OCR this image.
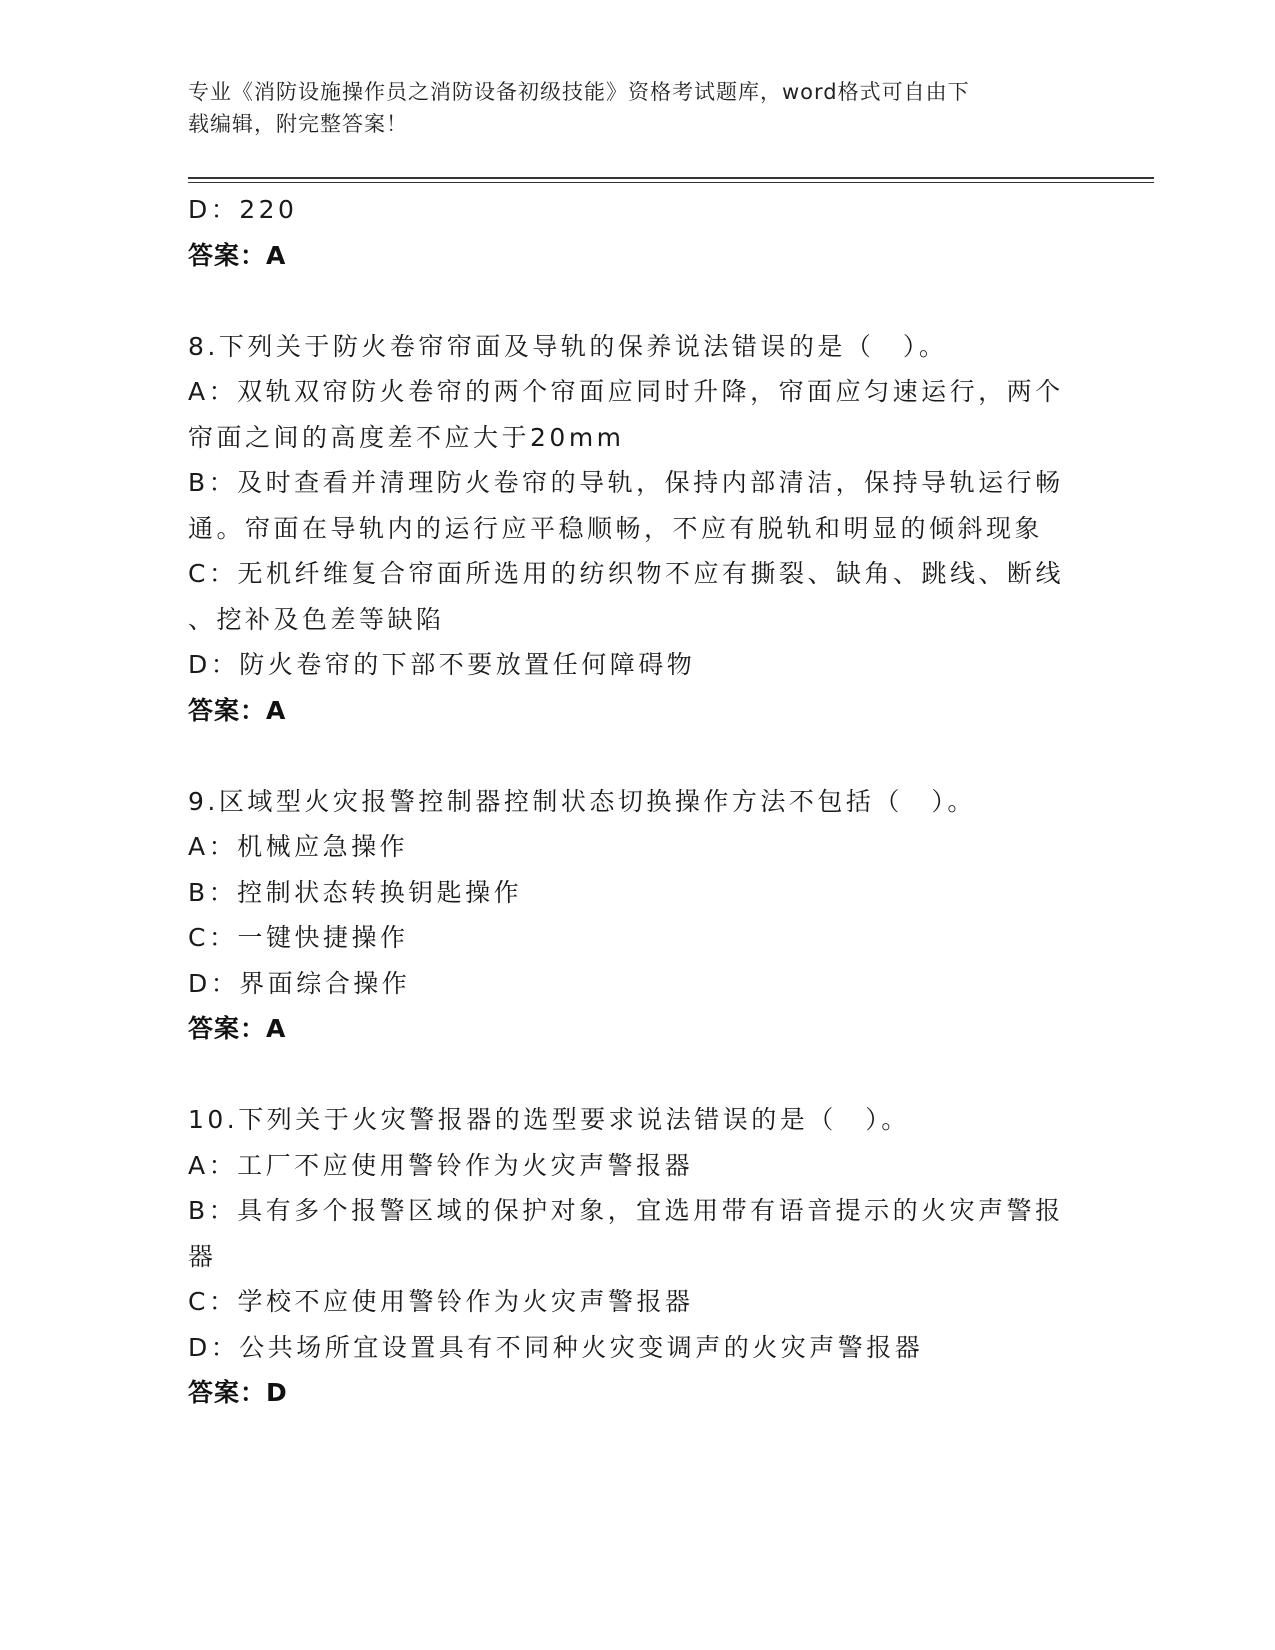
专业《消防设施操作员之消防设备初级技能》资格考试题库，word格式可自由下
载编辑，附完整答案！
D：220
答案：A
8.下列关于防火卷帘帘面及导轨的保养说法错误的是（　）。
A：双轨双帘防火卷帘的两个帘面应同时升降，帘面应匀速运行，两个
帘面之间的高度差不应大于20mm
B：及时查看并清理防火卷帘的导轨，保持内部清洁，保持导轨运行畅
通。帘面在导轨内的运行应平稳顺畅，不应有脱轨和明显的倾斜现象
C：无机纤维复合帘面所选用的纺织物不应有撕裂、缺角、跳线、断线
、挖补及色差等缺陷
D：防火卷帘的下部不要放置任何障碍物
答案：A
9.区域型火灾报警控制器控制状态切换操作方法不包括（　）。
A：机械应急操作
B：控制状态转换钥匙操作
C：一键快捷操作
D：界面综合操作
答案：A
10.下列关于火灾警报器的选型要求说法错误的是（　）。
A：工厂不应使用警铃作为火灾声警报器
B：具有多个报警区域的保护对象，宜选用带有语音提示的火灾声警报
器
C：学校不应使用警铃作为火灾声警报器
D：公共场所宜设置具有不同种火灾变调声的火灾声警报器
答案：D
